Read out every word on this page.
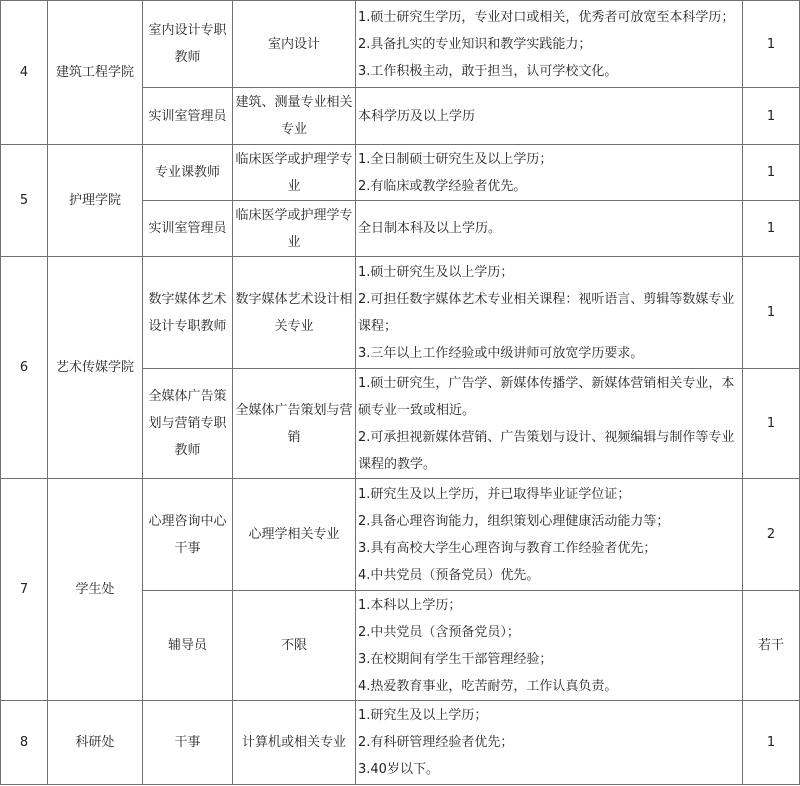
4	建筑工程学院	室内设计专职教师	室内设计	1.硕士研究生学历，专业对口或相关，优秀者可放宽至本科学历；
2.具备扎实的专业知识和教学实践能力；
3.工作积极主动，敢于担当，认可学校文化。	1
		实训室管理员	建筑、测量专业相关专业	本科学历及以上学历	1
5	护理学院	专业课教师	临床医学或护理学专业	1.全日制硕士研究生及以上学历；
2.有临床或教学经验者优先。	1
		实训室管理员	临床医学或护理学专业	全日制本科及以上学历。	1
6	艺术传媒学院	数字媒体艺术设计专职教师	数字媒体艺术设计相关专业	1.硕士研究生及以上学历；
2.可担任数字媒体艺术专业相关课程：视听语言、剪辑等数媒专业课程；
3.三年以上工作经验或中级讲师可放宽学历要求。	1
		全媒体广告策划与营销专职教师	全媒体广告策划与营销	1.硕士研究生，广告学、新媒体传播学、新媒体营销相关专业，本硕专业一致或相近。
2.可承担视新媒体营销、广告策划与设计、视频编辑与制作等专业课程的教学。	1
7	学生处	心理咨询中心干事	心理学相关专业	1.研究生及以上学历，并已取得毕业证学位证；
2.具备心理咨询能力，组织策划心理健康活动能力等；
3.具有高校大学生心理咨询与教育工作经验者优先；
4.中共党员（预备党员）优先。	2
		辅导员	不限	1.本科以上学历；
2.中共党员（含预备党员）；
3.在校期间有学生干部管理经验；
4.热爱教育事业，吃苦耐劳，工作认真负责。	若干
8	科研处	干事	计算机或相关专业	1.研究生及以上学历；
2.有科研管理经验者优先；
3.40岁以下。	1
